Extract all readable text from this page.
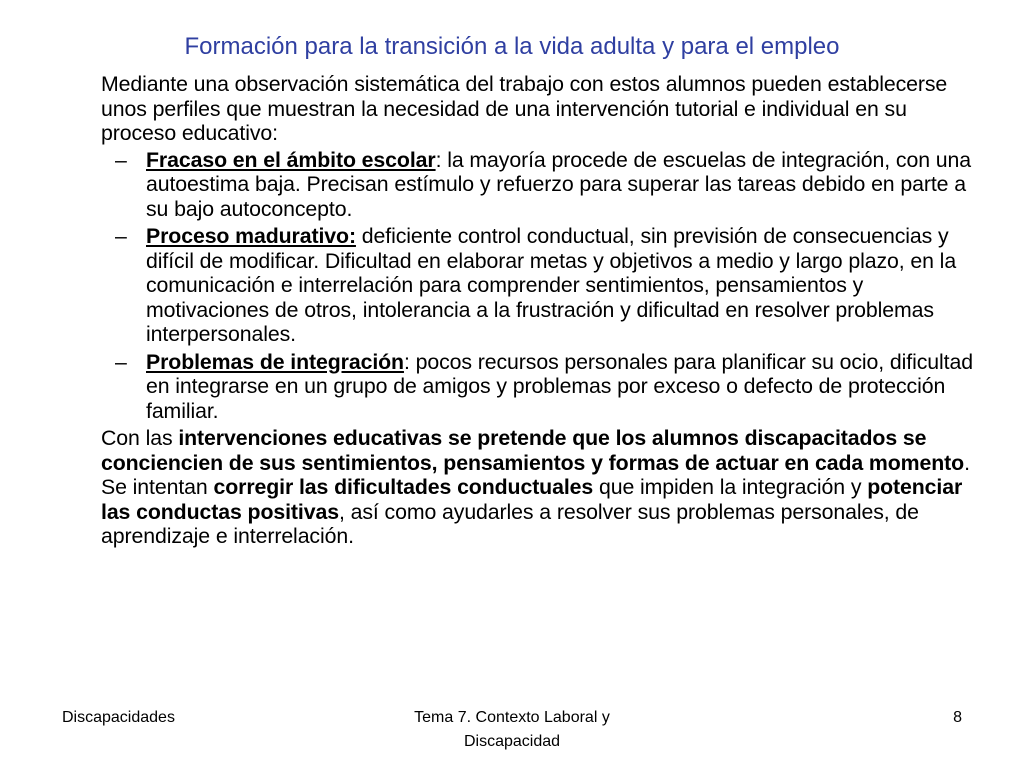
Formación para la transición a la vida adulta y para el empleo

Mediante una observación sistemática del trabajo con estos alumnos pueden establecerse unos perfiles que muestran la necesidad de una intervención tutorial e individual en su proceso educativo:

– Fracaso en el ámbito escolar: la mayoría procede de escuelas de integración, con una autoestima baja. Precisan estímulo y refuerzo para superar las tareas debido en parte a su bajo autoconcepto.
– Proceso madurativo: deficiente control conductual, sin previsión de consecuencias y difícil de modificar. Dificultad en elaborar metas y objetivos a medio y largo plazo, en la comunicación e interrelación para comprender sentimientos, pensamientos y motivaciones de otros, intolerancia a la frustración y dificultad en resolver problemas interpersonales.
– Problemas de integración: pocos recursos personales para planificar su ocio, dificultad en integrarse en un grupo de amigos y problemas por exceso o defecto de protección familiar.

Con las intervenciones educativas se pretende que los alumnos discapacitados se conciencien de sus sentimientos, pensamientos y formas de actuar en cada momento. Se intentan corregir las dificultades conductuales que impiden la integración y potenciar las conductas positivas, así como ayudarles a resolver sus problemas personales, de aprendizaje e interrelación.

Discapacidades	Tema 7. Contexto Laboral y
Discapacidad
8
